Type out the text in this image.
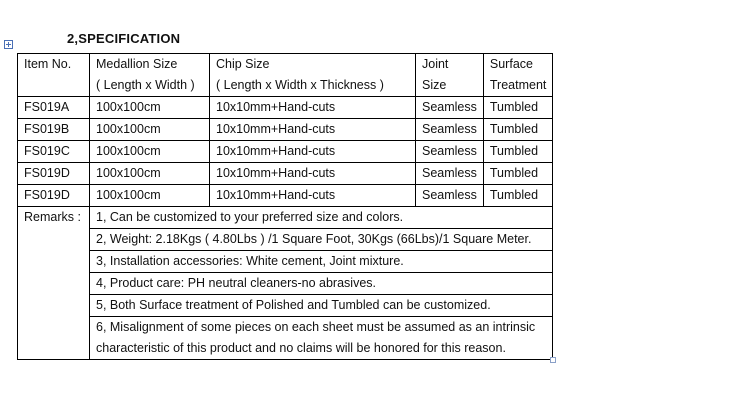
2,SPECIFICATION
Item No.	Medallion Size	Chip Size	Joint	Surface
	( Length x Width )	( Length x Width x Thickness )	Size	Treatment
FS019A	100x100cm	10x10mm+Hand-cuts	Seamless	Tumbled
FS019B	100x100cm	10x10mm+Hand-cuts	Seamless	Tumbled
FS019C	100x100cm	10x10mm+Hand-cuts	Seamless	Tumbled
FS019D	100x100cm	10x10mm+Hand-cuts	Seamless	Tumbled
FS019D	100x100cm	10x10mm+Hand-cuts	Seamless	Tumbled
Remarks :	1, Can be customized to your preferred size and colors.			
	2, Weight: 2.18Kgs ( 4.80Lbs ) /1 Square Foot, 30Kgs (66Lbs)/1 Square Meter.			
	3, Installation accessories: White cement, Joint mixture.			
	4, Product care: PH neutral cleaners-no abrasives.			
	5, Both Surface treatment of Polished and Tumbled can be customized.			

	6, Misalignment of some pieces on each sheet must be assumed as an intrinsic
characteristic of this product and no claims will be honored for this reason.			
